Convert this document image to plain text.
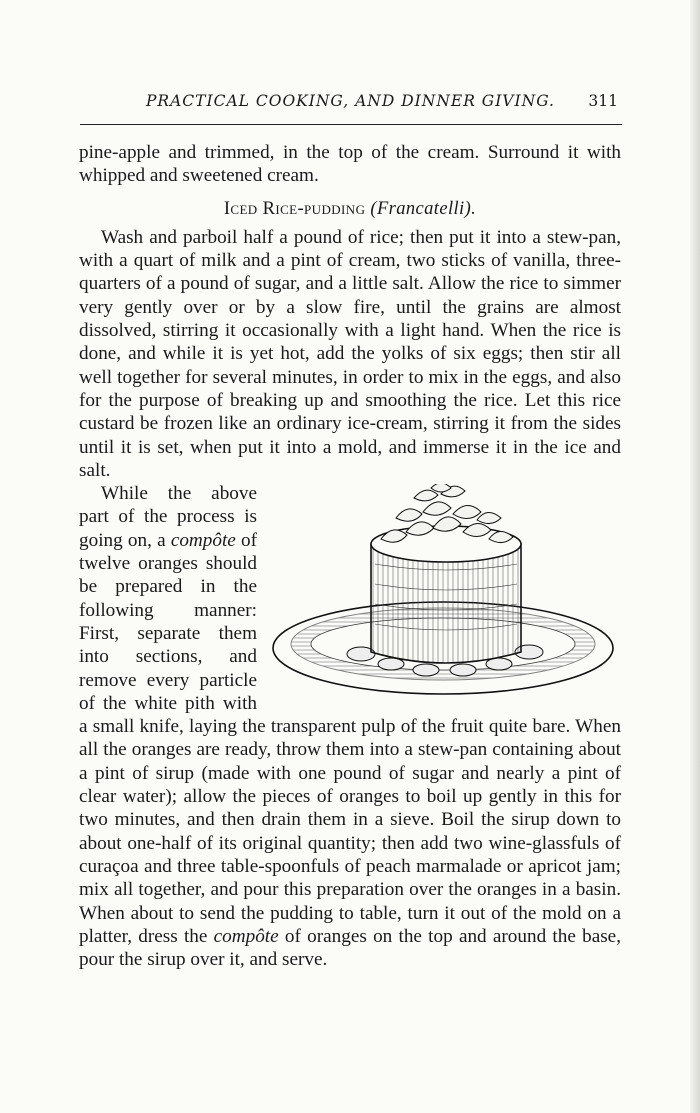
PRACTICAL COOKING, AND DINNER GIVING. 311

pine-apple and trimmed, in the top of the cream. Surround it with whipped and sweetened cream.

Iced Rice-pudding (Francatelli).

Wash and parboil half a pound of rice; then put it into a stew-pan, with a quart of milk and a pint of cream, two sticks of vanilla, three-quarters of a pound of sugar, and a little salt. Allow the rice to simmer very gently over or by a slow fire, until the grains are almost dissolved, stirring it occasionally with a light hand. When the rice is done, and while it is yet hot, add the yolks of six eggs; then stir all well together for several minutes, in order to mix in the eggs, and also for the purpose of breaking up and smoothing the rice. Let this rice custard be frozen like an ordinary ice-cream, stirring it from the sides until it is set, when put it into a mold, and immerse it in the ice and salt.

While the above part of the process is going on, a compôte of twelve oranges should be prepared in the following manner: First, separate them into sections, and remove every particle of the white pith with a small knife, laying the transparent pulp of the fruit quite bare. When all the oranges are ready, throw them into a stew-pan containing about a pint of sirup (made with one pound of sugar and nearly a pint of clear water); allow the pieces of oranges to boil up gently in this for two minutes, and then drain them in a sieve. Boil the sirup down to about one-half of its original quantity; then add two wine-glassfuls of curaçoa and three table-spoonfuls of peach marmalade or apricot jam; mix all together, and pour this preparation over the oranges in a basin. When about to send the pudding to table, turn it out of the mold on a platter, dress the compôte of oranges on the top and around the base, pour the sirup over it, and serve.
